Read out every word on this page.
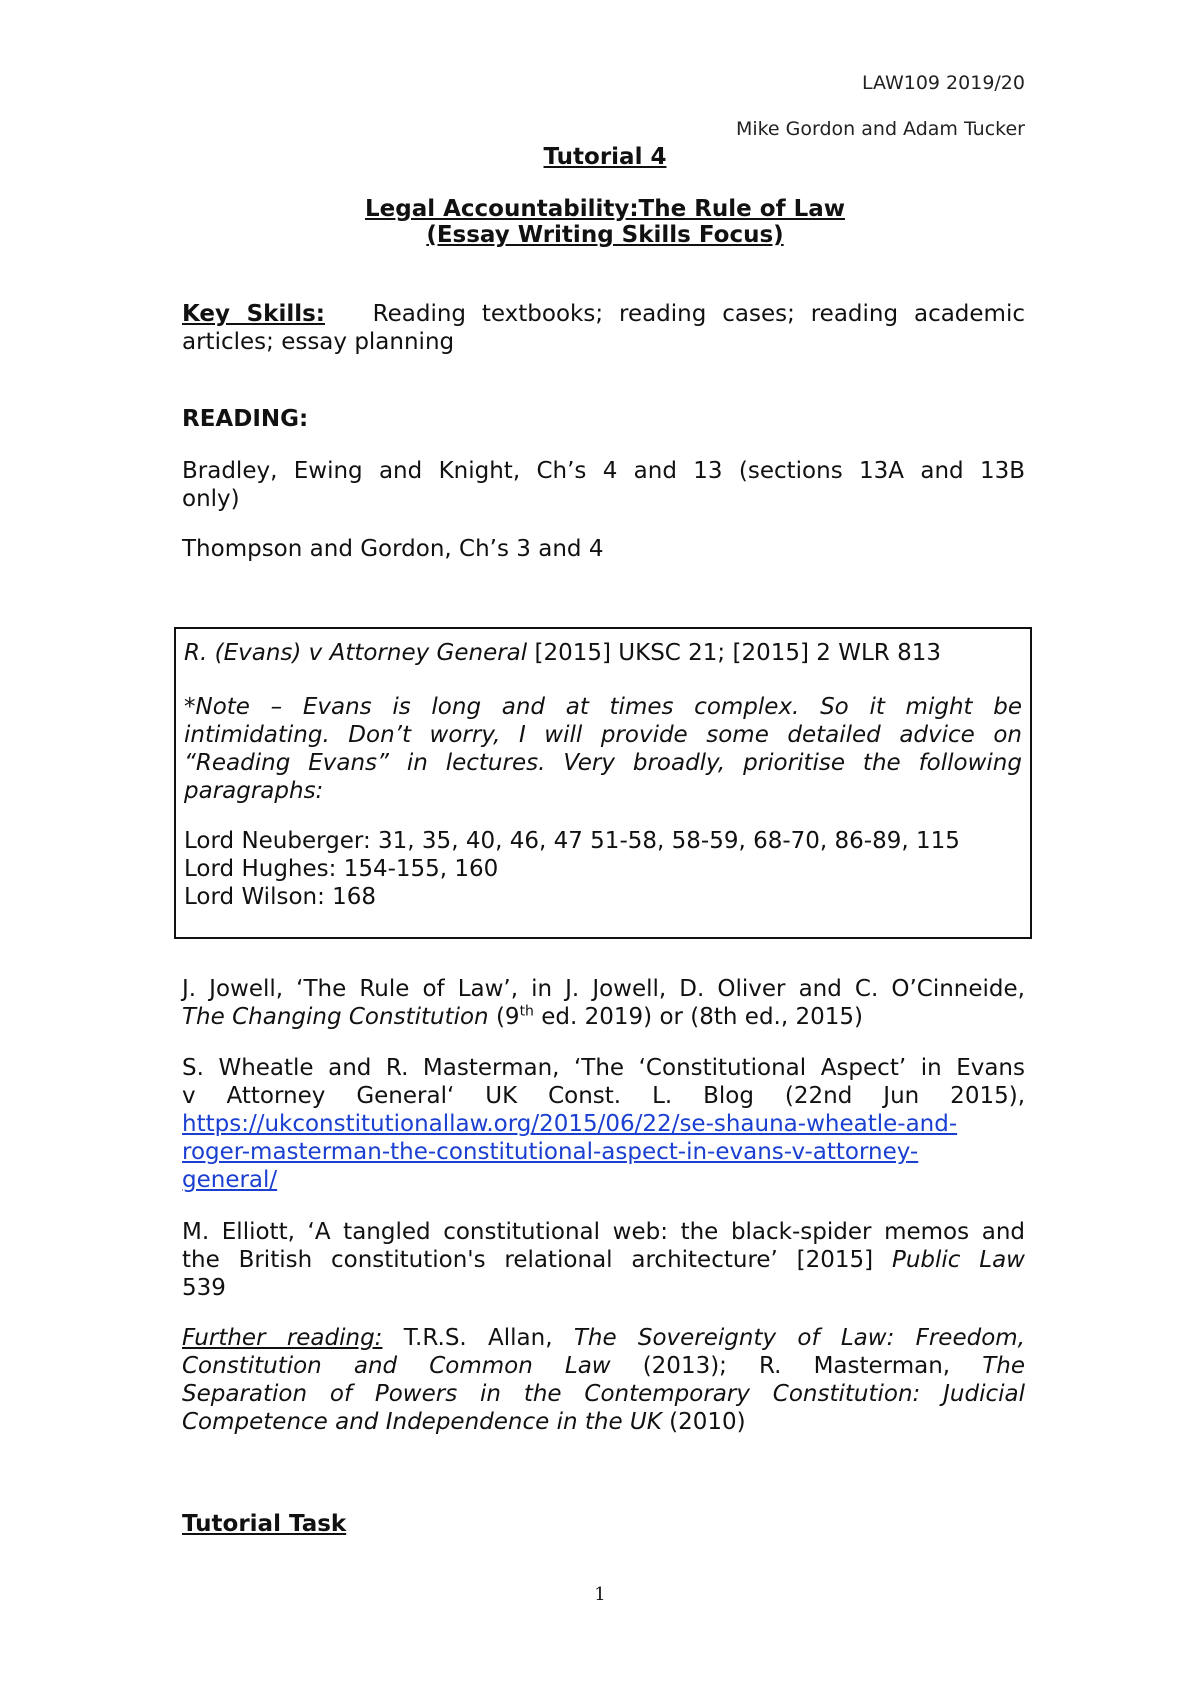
LAW109 2019/20
Mike Gordon and Adam Tucker
Tutorial 4
Legal Accountability:The Rule of Law
(Essay Writing Skills Focus)
Key Skills: Reading textbooks; reading cases; reading academic
articles; essay planning
READING:
Bradley, Ewing and Knight, Ch’s 4 and 13 (sections 13A and 13B
only)
Thompson and Gordon, Ch’s 3 and 4
R. (Evans) v Attorney General [2015] UKSC 21; [2015] 2 WLR 813
*Note – Evans is long and at times complex. So it might be
intimidating. Don’t worry, I will provide some detailed advice on
“Reading Evans” in lectures. Very broadly, prioritise the following
paragraphs:
Lord Neuberger: 31, 35, 40, 46, 47 51-58, 58-59, 68-70, 86-89, 115
Lord Hughes: 154-155, 160
Lord Wilson: 168
J. Jowell, ‘The Rule of Law’, in J. Jowell, D. Oliver and C. O’Cinneide,
The Changing Constitution (9th ed. 2019) or (8th ed., 2015)
S. Wheatle and R. Masterman, ‘The ‘Constitutional Aspect’ in Evans
v Attorney General‘ UK Const. L. Blog (22nd Jun 2015),
https://ukconstitutionallaw.org/2015/06/22/se-shauna-wheatle-and-
roger-masterman-the-constitutional-aspect-in-evans-v-attorney-
general/
M. Elliott, ‘A tangled constitutional web: the black-spider memos and
the British constitution's relational architecture’ [2015] Public Law
539
Further reading: T.R.S. Allan, The Sovereignty of Law: Freedom,
Constitution and Common Law (2013); R. Masterman, The
Separation of Powers in the Contemporary Constitution: Judicial
Competence and Independence in the UK (2010)
Tutorial Task
1
